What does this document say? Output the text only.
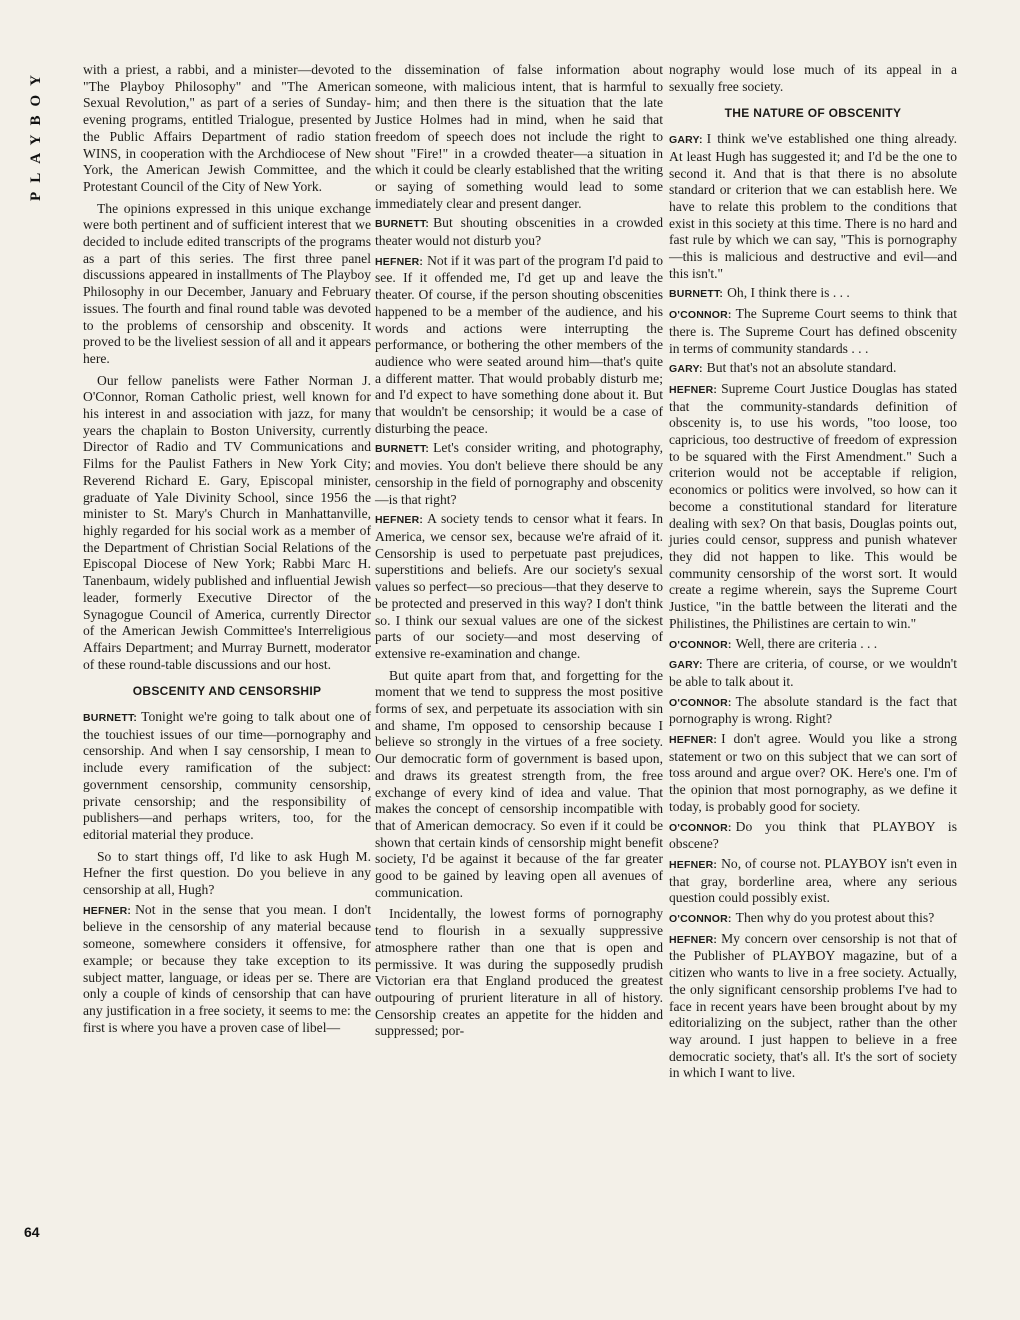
PLAYBOY
64

with a priest, a rabbi, and a minister—devoted to "The Playboy Philosophy" and "The American Sexual Revolution," as part of a series of Sunday-evening programs, entitled Trialogue, presented by the Public Affairs Department of radio station WINS, in cooperation with the Archdiocese of New York, the American Jewish Committee, and the Protestant Council of the City of New York.

The opinions expressed in this unique exchange were both pertinent and of sufficient interest that we decided to include edited transcripts of the programs as a part of this series. The first three panel discussions appeared in installments of The Playboy Philosophy in our December, January and February issues. The fourth and final round table was devoted to the problems of censorship and obscenity. It proved to be the liveliest session of all and it appears here.

Our fellow panelists were Father Norman J. O'Connor, Roman Catholic priest, well known for his interest in and association with jazz, for many years the chaplain to Boston University, currently Director of Radio and TV Communications and Films for the Paulist Fathers in New York City; Reverend Richard E. Gary, Episcopal minister, graduate of Yale Divinity School, since 1956 the minister to St. Mary's Church in Manhattanville, highly regarded for his social work as a member of the Department of Christian Social Relations of the Episcopal Diocese of New York; Rabbi Marc H. Tanenbaum, widely published and influential Jewish leader, formerly Executive Director of the Synagogue Council of America, currently Director of the American Jewish Committee's Interreligious Affairs Department; and Murray Burnett, moderator of these round-table discussions and our host.

OBSCENITY AND CENSORSHIP

BURNETT: Tonight we're going to talk about one of the touchiest issues of our time—pornography and censorship. And when I say censorship, I mean to include every ramification of the subject: government censorship, community censorship, private censorship; and the responsibility of publishers—and perhaps writers, too, for the editorial material they produce.

So to start things off, I'd like to ask Hugh M. Hefner the first question. Do you believe in any censorship at all, Hugh?

HEFNER: Not in the sense that you mean. I don't believe in the censorship of any material because someone, somewhere considers it offensive, for example; or because they take exception to its subject matter, language, or ideas per se. There are only a couple of kinds of censorship that can have any justification in a free society, it seems to me: the first is where you have a proven case of libel—

the dissemination of false information about someone, with malicious intent, that is harmful to him; and then there is the situation that the late Justice Holmes had in mind, when he said that freedom of speech does not include the right to shout "Fire!" in a crowded theater—a situation in which it could be clearly established that the writing or saying of something would lead to some immediately clear and present danger.

BURNETT: But shouting obscenities in a crowded theater would not disturb you?

HEFNER: Not if it was part of the program I'd paid to see. If it offended me, I'd get up and leave the theater. Of course, if the person shouting obscenities happened to be a member of the audience, and his words and actions were interrupting the performance, or bothering the other members of the audience who were seated around him—that's quite a different matter. That would probably disturb me; and I'd expect to have something done about it. But that wouldn't be censorship; it would be a case of disturbing the peace.

BURNETT: Let's consider writing, and photography, and movies. You don't believe there should be any censorship in the field of pornography and obscenity—is that right?

HEFNER: A society tends to censor what it fears. In America, we censor sex, because we're afraid of it. Censorship is used to perpetuate past prejudices, superstitions and beliefs. Are our society's sexual values so perfect—so precious—that they deserve to be protected and preserved in this way? I don't think so. I think our sexual values are one of the sickest parts of our society—and most deserving of extensive re-examination and change.

But quite apart from that, and forgetting for the moment that we tend to suppress the most positive forms of sex, and perpetuate its association with sin and shame, I'm opposed to censorship because I believe so strongly in the virtues of a free society. Our democratic form of government is based upon, and draws its greatest strength from, the free exchange of every kind of idea and value. That makes the concept of censorship incompatible with that of American democracy. So even if it could be shown that certain kinds of censorship might benefit society, I'd be against it because of the far greater good to be gained by leaving open all avenues of communication.

Incidentally, the lowest forms of pornography tend to flourish in a sexually suppressive atmosphere rather than one that is open and permissive. It was during the supposedly prudish Victorian era that England produced the greatest outpouring of prurient literature in all of history. Censorship creates an appetite for the hidden and suppressed; por-

nography would lose much of its appeal in a sexually free society.

THE NATURE OF OBSCENITY

GARY: I think we've established one thing already. At least Hugh has suggested it; and I'd be the one to second it. And that is that there is no absolute standard or criterion that we can establish here. We have to relate this problem to the conditions that exist in this society at this time. There is no hard and fast rule by which we can say, "This is pornography—this is malicious and destructive and evil—and this isn't."

BURNETT: Oh, I think there is . . .

O'CONNOR: The Supreme Court seems to think that there is. The Supreme Court has defined obscenity in terms of community standards . . .

GARY: But that's not an absolute standard.

HEFNER: Supreme Court Justice Douglas has stated that the community-standards definition of obscenity is, to use his words, "too loose, too capricious, too destructive of freedom of expression to be squared with the First Amendment." Such a criterion would not be acceptable if religion, economics or politics were involved, so how can it become a constitutional standard for literature dealing with sex? On that basis, Douglas points out, juries could censor, suppress and punish whatever they did not happen to like. This would be community censorship of the worst sort. It would create a regime wherein, says the Supreme Court Justice, "in the battle between the literati and the Philistines, the Philistines are certain to win."

O'CONNOR: Well, there are criteria . . .

GARY: There are criteria, of course, or we wouldn't be able to talk about it.

O'CONNOR: The absolute standard is the fact that pornography is wrong. Right?

HEFNER: I don't agree. Would you like a strong statement or two on this subject that we can sort of toss around and argue over? OK. Here's one. I'm of the opinion that most pornography, as we define it today, is probably good for society.

O'CONNOR: Do you think that PLAYBOY is obscene?

HEFNER: No, of course not. PLAYBOY isn't even in that gray, borderline area, where any serious question could possibly exist.

O'CONNOR: Then why do you protest about this?

HEFNER: My concern over censorship is not that of the Publisher of PLAYBOY magazine, but of a citizen who wants to live in a free society. Actually, the only significant censorship problems I've had to face in recent years have been brought about by my editorializing on the subject, rather than the other way around. I just happen to believe in a free democratic society, that's all. It's the sort of society in which I want to live.
